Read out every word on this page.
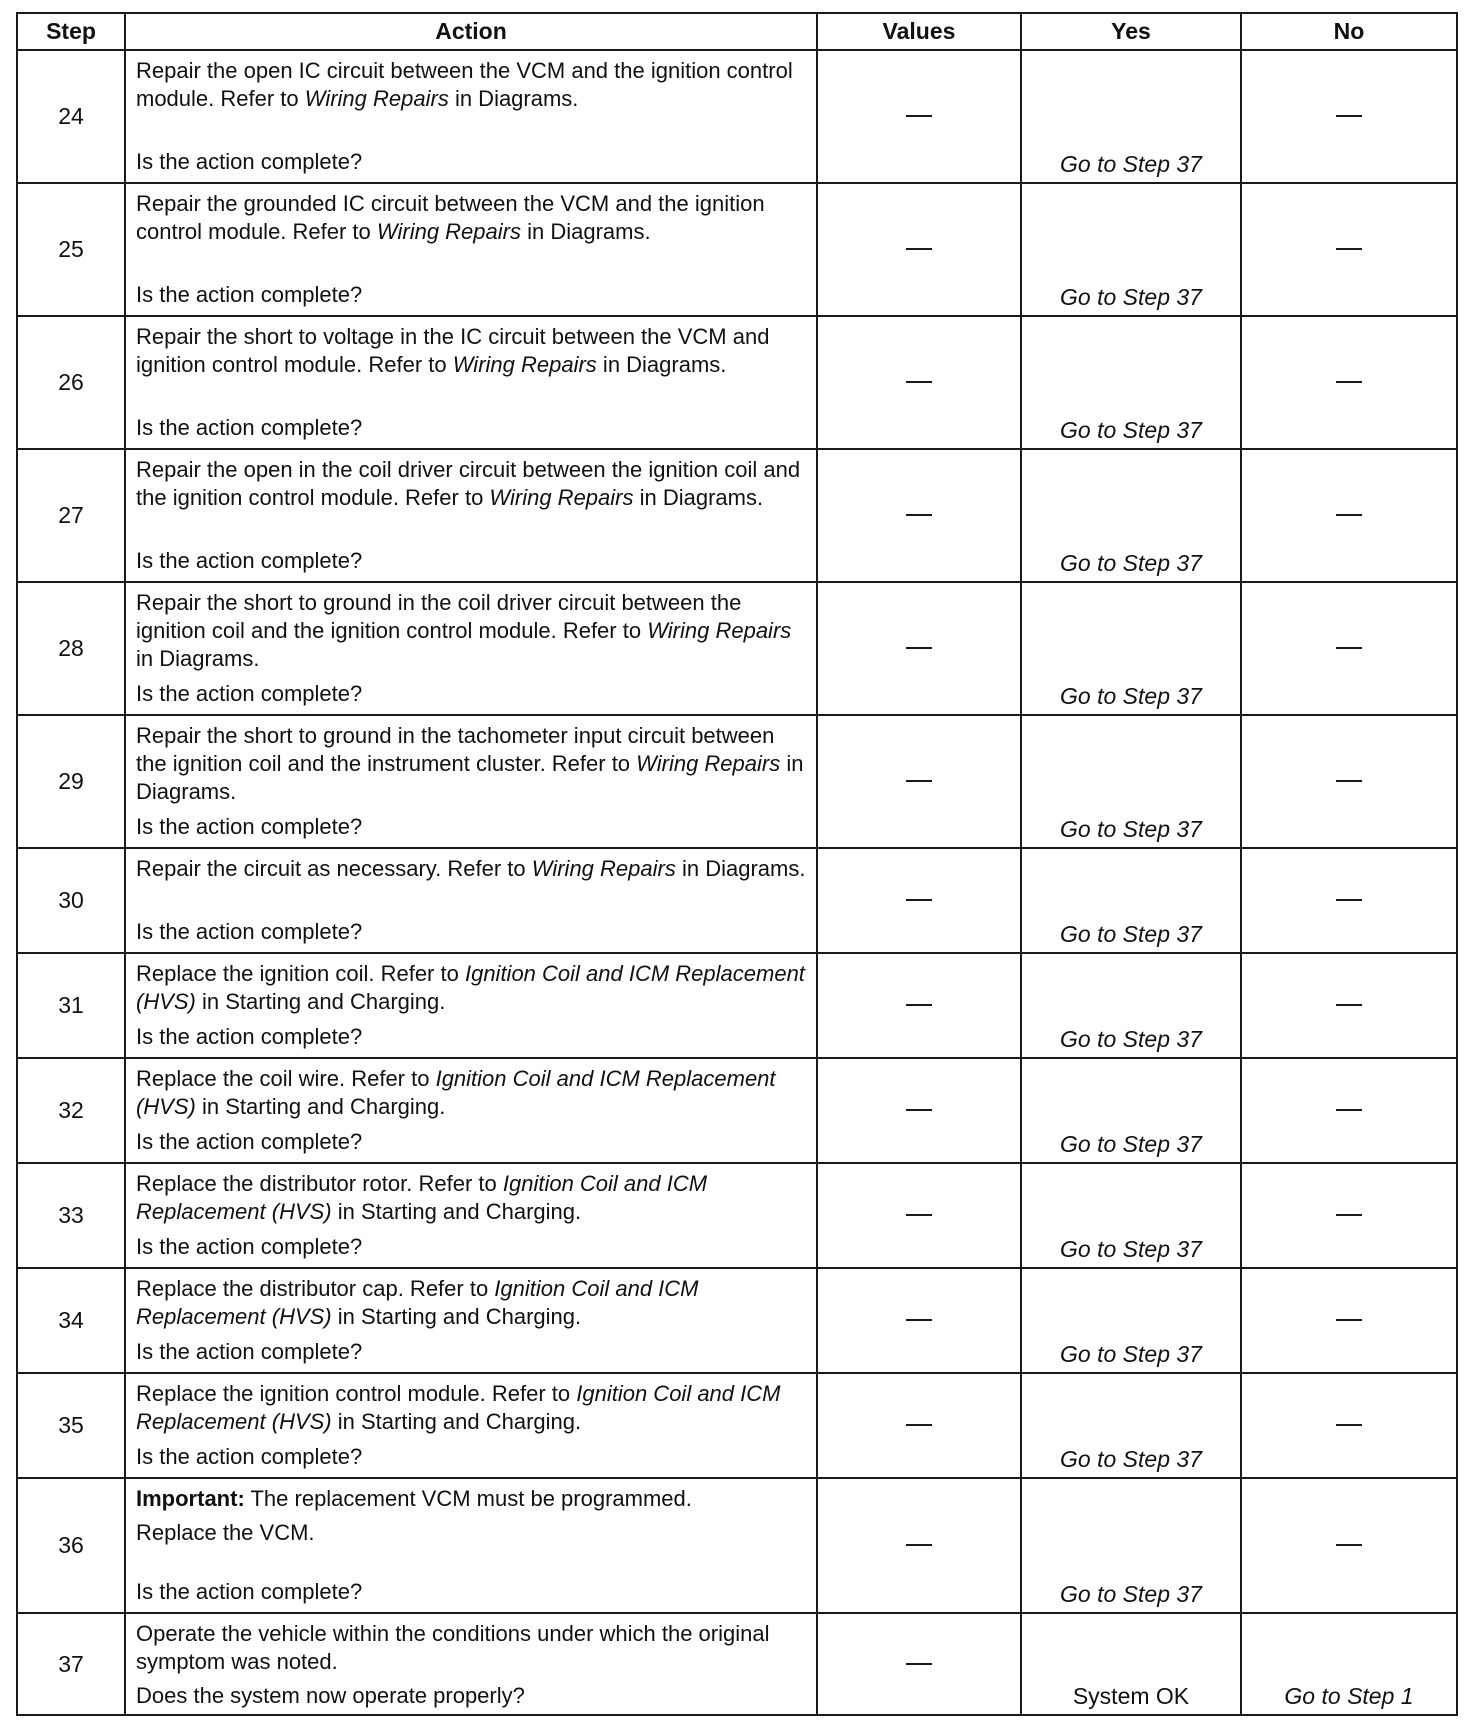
Step	Action	Values	Yes	No
24	Repair the open IC circuit between the VCM and the ignition control module. Refer to Wiring Repairs in Diagrams.
Is the action complete?		Go to Step 37	

25	Repair the grounded IC circuit between the VCM and the ignition control module. Refer to Wiring Repairs in Diagrams.
Is the action complete?		Go to Step 37	

26	Repair the short to voltage in the IC circuit between the VCM and ignition control module. Refer to Wiring Repairs in Diagrams.
Is the action complete?		Go to Step 37	

27	Repair the open in the coil driver circuit between the ignition coil and the ignition control module. Refer to Wiring Repairs in Diagrams.
Is the action complete?		Go to Step 37	

28	Repair the short to ground in the coil driver circuit between the ignition coil and the ignition control module. Refer to Wiring Repairs in Diagrams.
Is the action complete?		Go to Step 37	

29	Repair the short to ground in the tachometer input circuit between the ignition coil and the instrument cluster. Refer to Wiring Repairs in Diagrams.
Is the action complete?		Go to Step 37	

30	Repair the circuit as necessary. Refer to Wiring Repairs in Diagrams.
Is the action complete?		Go to Step 37	

31	Replace the ignition coil. Refer to Ignition Coil and ICM Replacement (HVS) in Starting and Charging.
Is the action complete?		Go to Step 37	

32	Replace the coil wire. Refer to Ignition Coil and ICM Replacement (HVS) in Starting and Charging.
Is the action complete?		Go to Step 37	

33	Replace the distributor rotor. Refer to Ignition Coil and ICM Replacement (HVS) in Starting and Charging.
Is the action complete?		Go to Step 37	

34	Replace the distributor cap. Refer to Ignition Coil and ICM Replacement (HVS) in Starting and Charging.
Is the action complete?		Go to Step 37	

35	Replace the ignition control module. Refer to Ignition Coil and ICM Replacement (HVS) in Starting and Charging.
Is the action complete?		Go to Step 37	

36	Important: The replacement VCM must be programmed.
Replace the VCM.
Is the action complete?		Go to Step 37	

37	Operate the vehicle within the conditions under which the original symptom was noted.
Does the system now operate properly?		System OK	Go to Step 1
